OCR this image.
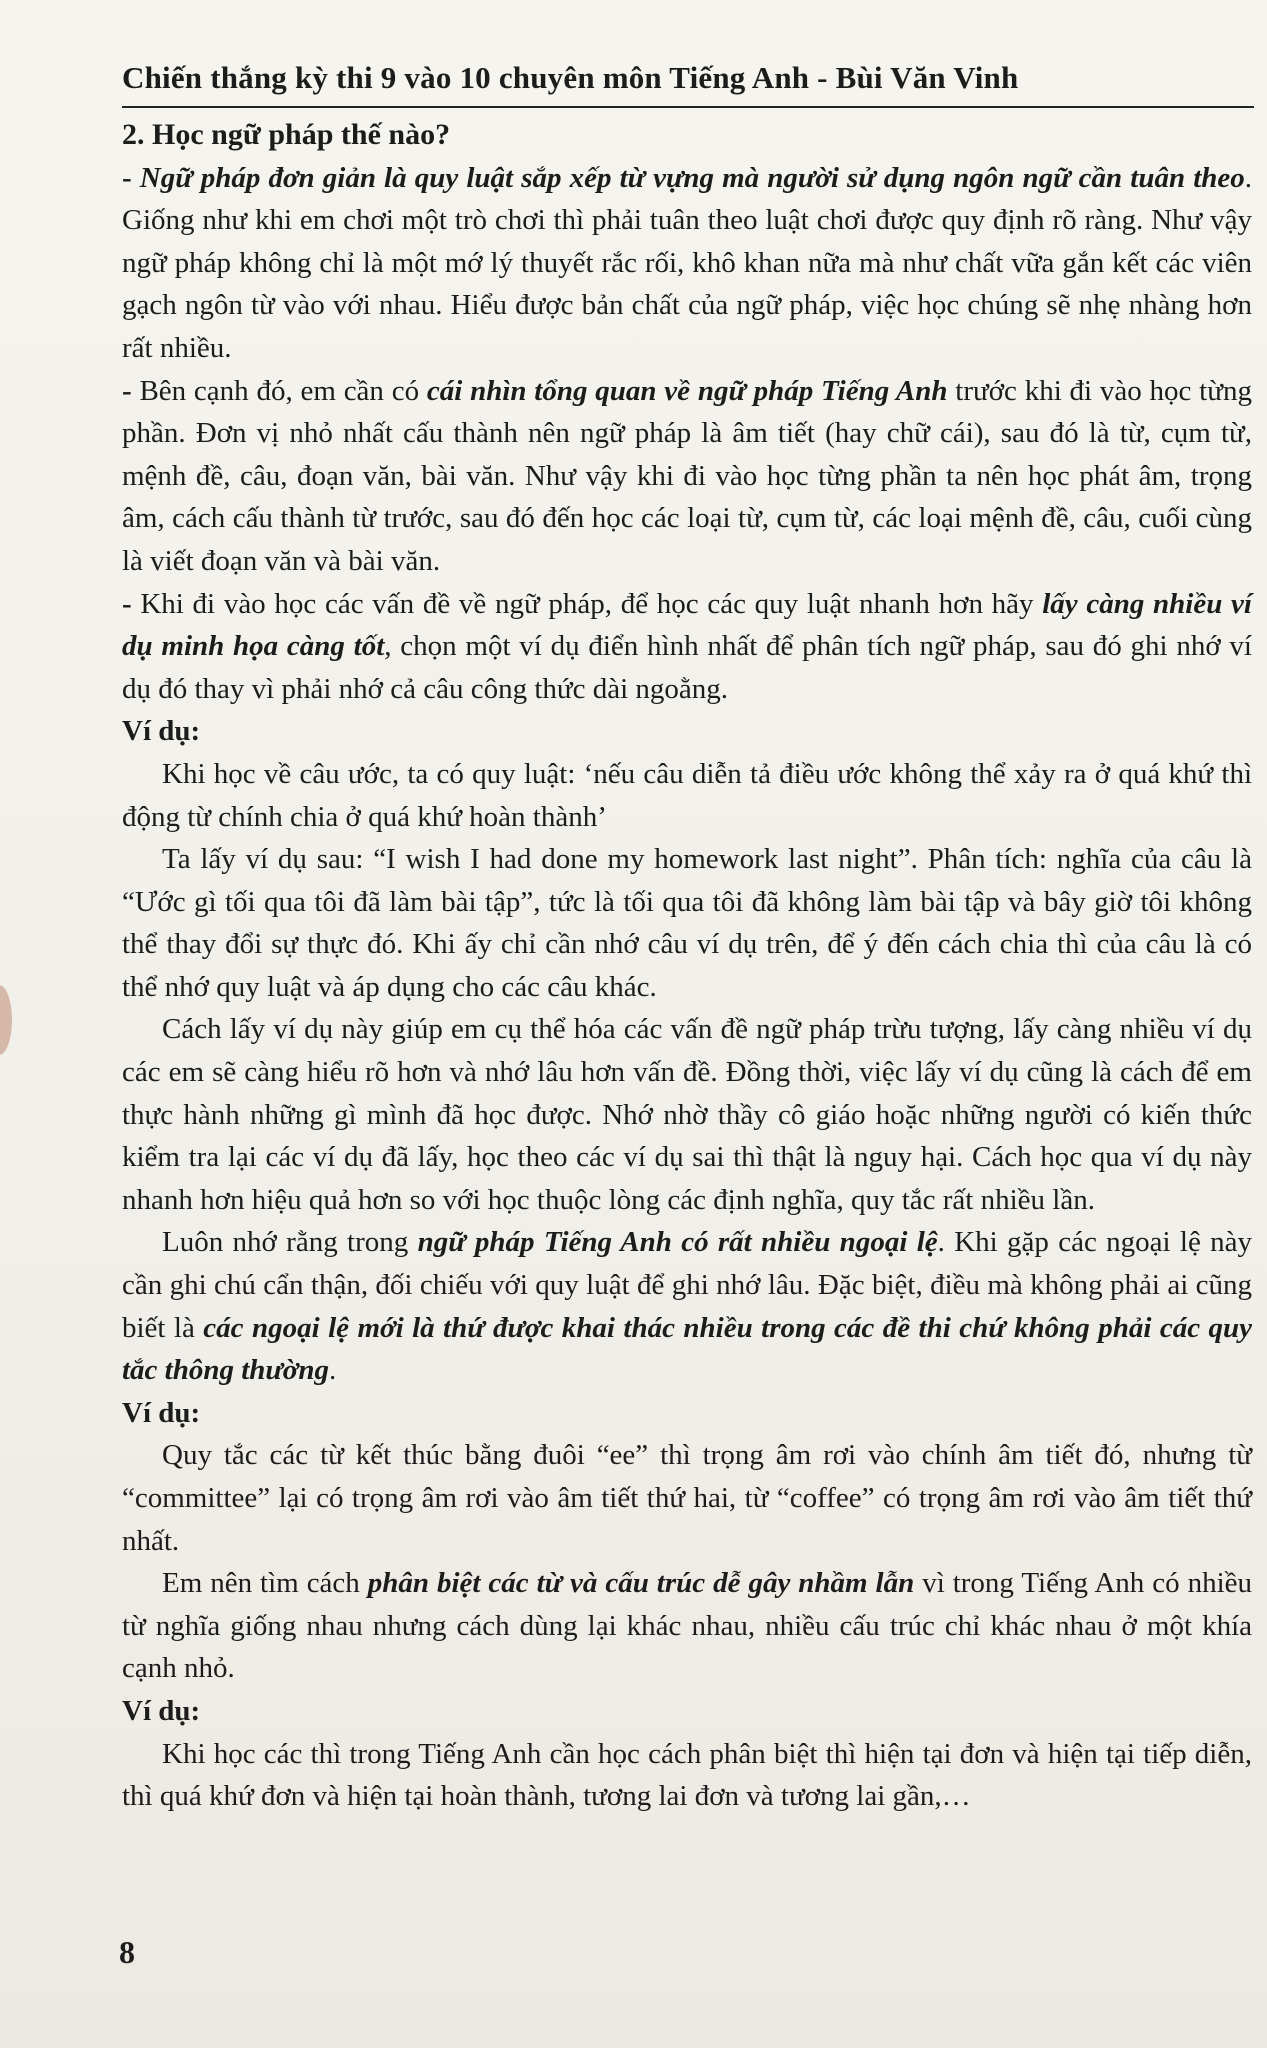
Chiến thắng kỳ thi 9 vào 10 chuyên môn Tiếng Anh - Bùi Văn Vinh

2. Học ngữ pháp thế nào?

- Ngữ pháp đơn giản là quy luật sắp xếp từ vựng mà người sử dụng ngôn ngữ cần tuân theo. Giống như khi em chơi một trò chơi thì phải tuân theo luật chơi được quy định rõ ràng. Như vậy ngữ pháp không chỉ là một mớ lý thuyết rắc rối, khô khan nữa mà như chất vữa gắn kết các viên gạch ngôn từ vào với nhau. Hiểu được bản chất của ngữ pháp, việc học chúng sẽ nhẹ nhàng hơn rất nhiều.

- Bên cạnh đó, em cần có cái nhìn tổng quan về ngữ pháp Tiếng Anh trước khi đi vào học từng phần. Đơn vị nhỏ nhất cấu thành nên ngữ pháp là âm tiết (hay chữ cái), sau đó là từ, cụm từ, mệnh đề, câu, đoạn văn, bài văn. Như vậy khi đi vào học từng phần ta nên học phát âm, trọng âm, cách cấu thành từ trước, sau đó đến học các loại từ, cụm từ, các loại mệnh đề, câu, cuối cùng là viết đoạn văn và bài văn.

- Khi đi vào học các vấn đề về ngữ pháp, để học các quy luật nhanh hơn hãy lấy càng nhiều ví dụ minh họa càng tốt, chọn một ví dụ điển hình nhất để phân tích ngữ pháp, sau đó ghi nhớ ví dụ đó thay vì phải nhớ cả câu công thức dài ngoằng.

Ví dụ:

Khi học về câu ước, ta có quy luật: ‘nếu câu diễn tả điều ước không thể xảy ra ở quá khứ thì động từ chính chia ở quá khứ hoàn thành’

Ta lấy ví dụ sau: “I wish I had done my homework last night”. Phân tích: nghĩa của câu là “Ước gì tối qua tôi đã làm bài tập”, tức là tối qua tôi đã không làm bài tập và bây giờ tôi không thể thay đổi sự thực đó. Khi ấy chỉ cần nhớ câu ví dụ trên, để ý đến cách chia thì của câu là có thể nhớ quy luật và áp dụng cho các câu khác.

Cách lấy ví dụ này giúp em cụ thể hóa các vấn đề ngữ pháp trừu tượng, lấy càng nhiều ví dụ các em sẽ càng hiểu rõ hơn và nhớ lâu hơn vấn đề. Đồng thời, việc lấy ví dụ cũng là cách để em thực hành những gì mình đã học được. Nhớ nhờ thầy cô giáo hoặc những người có kiến thức kiểm tra lại các ví dụ đã lấy, học theo các ví dụ sai thì thật là nguy hại. Cách học qua ví dụ này nhanh hơn hiệu quả hơn so với học thuộc lòng các định nghĩa, quy tắc rất nhiều lần.

Luôn nhớ rằng trong ngữ pháp Tiếng Anh có rất nhiều ngoại lệ. Khi gặp các ngoại lệ này cần ghi chú cẩn thận, đối chiếu với quy luật để ghi nhớ lâu. Đặc biệt, điều mà không phải ai cũng biết là các ngoại lệ mới là thứ được khai thác nhiều trong các đề thi chứ không phải các quy tắc thông thường.

Ví dụ:

Quy tắc các từ kết thúc bằng đuôi “ee” thì trọng âm rơi vào chính âm tiết đó, nhưng từ “committee” lại có trọng âm rơi vào âm tiết thứ hai, từ “coffee” có trọng âm rơi vào âm tiết thứ nhất.

Em nên tìm cách phân biệt các từ và cấu trúc dễ gây nhầm lẫn vì trong Tiếng Anh có nhiều từ nghĩa giống nhau nhưng cách dùng lại khác nhau, nhiều cấu trúc chỉ khác nhau ở một khía cạnh nhỏ.

Ví dụ:

Khi học các thì trong Tiếng Anh cần học cách phân biệt thì hiện tại đơn và hiện tại tiếp diễn, thì quá khứ đơn và hiện tại hoàn thành, tương lai đơn và tương lai gần,…

8
